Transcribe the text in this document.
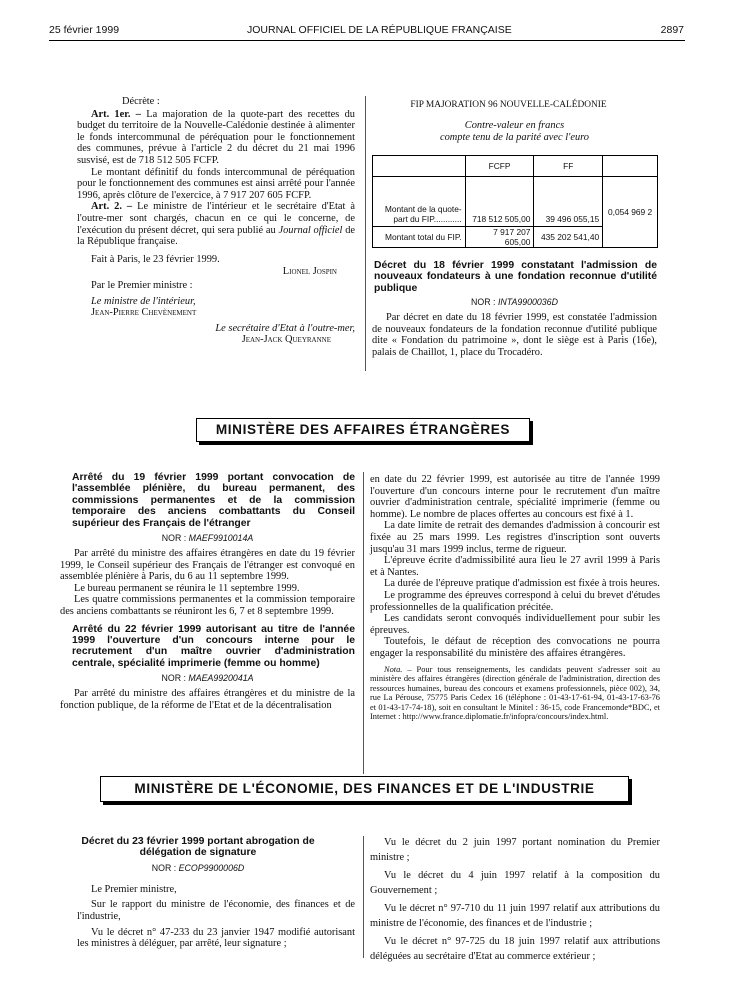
25 février 1999	JOURNAL OFFICIEL DE LA RÉPUBLIQUE FRANÇAISE	2897

Décrète :

Art. 1er. – La majoration de la quote-part des recettes du budget du territoire de la Nouvelle-Calédonie destinée à alimenter le fonds intercommunal de péréquation pour le fonctionnement des communes, prévue à l'article 2 du décret du 21 mai 1996 susvisé, est de 718 512 505 FCFP.

Le montant définitif du fonds intercommunal de péréquation pour le fonctionnement des communes est ainsi arrêté pour l'année 1996, après clôture de l'exercice, à 7 917 207 605 FCFP.

Art. 2. – Le ministre de l'intérieur et le secrétaire d'Etat à l'outre-mer sont chargés, chacun en ce qui le concerne, de l'exécution du présent décret, qui sera publié au Journal officiel de la République française.

Fait à Paris, le 23 février 1999.

Lionel Jospin

Par le Premier ministre :

Le ministre de l'intérieur,

Jean-Pierre Chevènement

Le secrétaire d'Etat à l'outre-mer,

Jean-Jack Queyranne

FIP MAJORATION 96 NOUVELLE-CALÉDONIE

Contre-valeur en francs

compte tenu de la parité avec l'euro

	FCFP	FF	
Montant de la quote-
part du FIP............	718 512 505,00	39 496 055,15	0,054 969 2
Montant total du FIP.	7 917 207 605,00	435 202 541,40	

Décret du 18 février 1999 constatant l'admission de nouveaux fondateurs à une fondation reconnue d'utilité publique

NOR : INTA9900036D

Par décret en date du 18 février 1999, est constatée l'admission de nouveaux fondateurs de la fondation reconnue d'utilité publique dite « Fondation du patrimoine », dont le siège est à Paris (16e), palais de Chaillot, 1, place du Trocadéro.

MINISTÈRE DES AFFAIRES ÉTRANGÈRES

Arrêté du 19 février 1999 portant convocation de l'assemblée plénière, du bureau permanent, des commissions permanentes et de la commission temporaire des anciens combattants du Conseil supérieur des Français de l'étranger

NOR : MAEF9910014A

Par arrêté du ministre des affaires étrangères en date du 19 février 1999, le Conseil supérieur des Français de l'étranger est convoqué en assemblée plénière à Paris, du 6 au 11 septembre 1999.

Le bureau permanent se réunira le 11 septembre 1999.

Les quatre commissions permanentes et la commission temporaire des anciens combattants se réuniront les 6, 7 et 8 septembre 1999.

Arrêté du 22 février 1999 autorisant au titre de l'année 1999 l'ouverture d'un concours interne pour le recrutement d'un maître ouvrier d'administration centrale, spécialité imprimerie (femme ou homme)

NOR : MAEA9920041A

Par arrêté du ministre des affaires étrangères et du ministre de la fonction publique, de la réforme de l'Etat et de la décentralisation

en date du 22 février 1999, est autorisée au titre de l'année 1999 l'ouverture d'un concours interne pour le recrutement d'un maître ouvrier d'administration centrale, spécialité imprimerie (femme ou homme). Le nombre de places offertes au concours est fixé à 1.

La date limite de retrait des demandes d'admission à concourir est fixée au 25 mars 1999. Les registres d'inscription sont ouverts jusqu'au 31 mars 1999 inclus, terme de rigueur.

L'épreuve écrite d'admissibilité aura lieu le 27 avril 1999 à Paris et à Nantes.

La durée de l'épreuve pratique d'admission est fixée à trois heures.

Le programme des épreuves correspond à celui du brevet d'études professionnelles de la qualification précitée.

Les candidats seront convoqués individuellement pour subir les épreuves.

Toutefois, le défaut de réception des convocations ne pourra engager la responsabilité du ministère des affaires étrangères.

Nota. – Pour tous renseignements, les candidats peuvent s'adresser soit au ministère des affaires étrangères (direction générale de l'administration, direction des ressources humaines, bureau des concours et examens professionnels, pièce 002), 34, rue La Pérouse, 75775 Paris Cedex 16 (téléphone : 01-43-17-61-94, 01-43-17-63-76 et 01-43-17-74-18), soit en consultant le Minitel : 36-15, code Francemonde*BDC, et Internet : http://www.france.diplomatie.fr/infopra/concours/index.html.

MINISTÈRE DE L'ÉCONOMIE, DES FINANCES ET DE L'INDUSTRIE

Décret du 23 février 1999 portant abrogation de délégation de signature

NOR : ECOP9900006D

Le Premier ministre,

Sur le rapport du ministre de l'économie, des finances et de l'industrie,

Vu le décret n° 47-233 du 23 janvier 1947 modifié autorisant les ministres à déléguer, par arrêté, leur signature ;

Vu le décret du 2 juin 1997 portant nomination du Premier ministre ;

Vu le décret du 4 juin 1997 relatif à la composition du Gouvernement ;

Vu le décret n° 97-710 du 11 juin 1997 relatif aux attributions du ministre de l'économie, des finances et de l'industrie ;

Vu le décret n° 97-725 du 18 juin 1997 relatif aux attributions déléguées au secrétaire d'Etat au commerce extérieur ;
